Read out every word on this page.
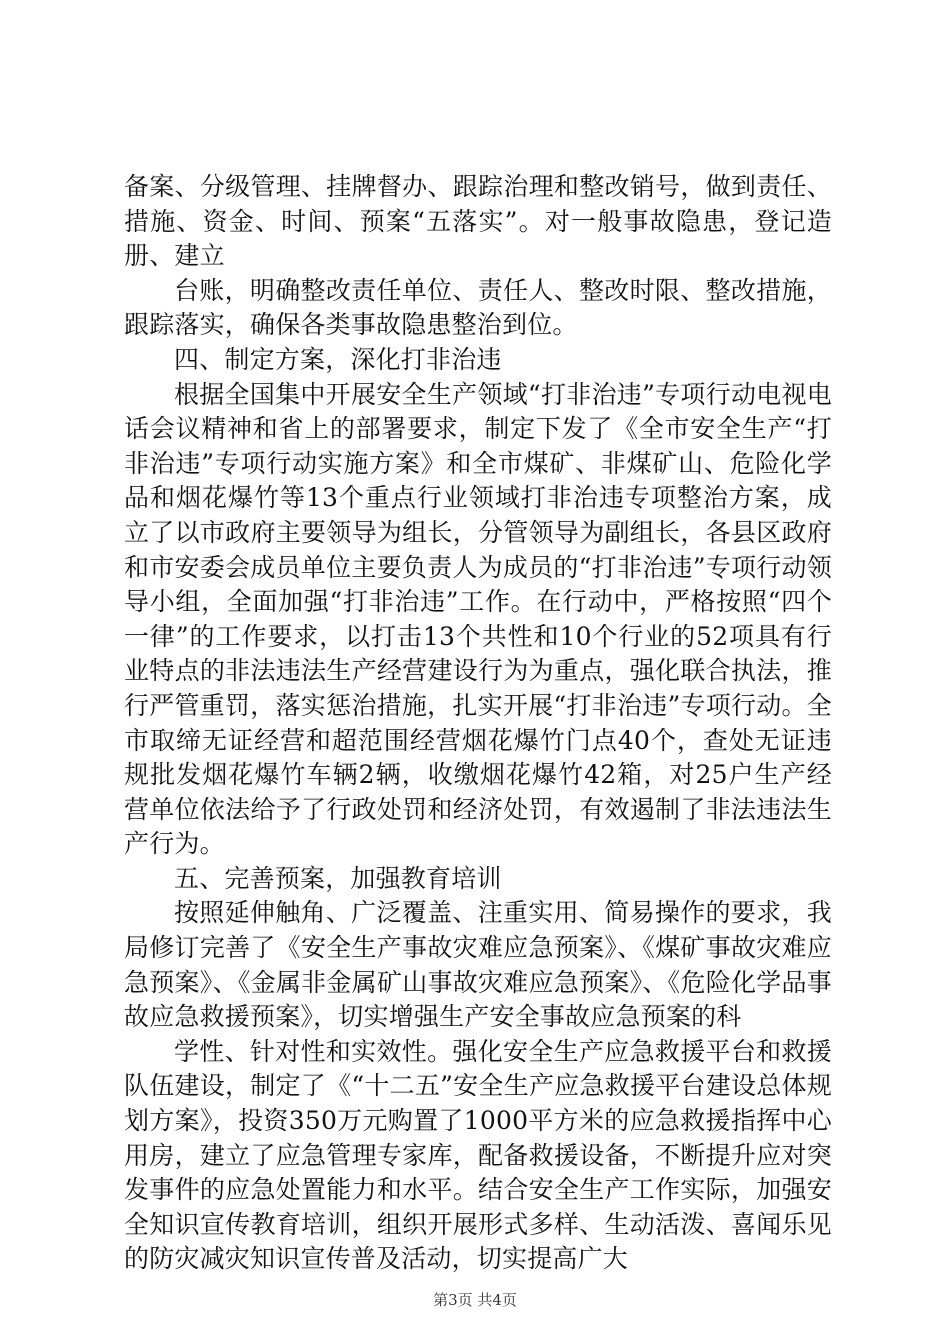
备案、分级管理、挂牌督办、跟踪治理和整改销号，做到责任、措施、资金、时间、预案“五落实”。对一般事故隐患，登记造册、建立

台账，明确整改责任单位、责任人、整改时限、整改措施，跟踪落实，确保各类事故隐患整治到位。

四、制定方案，深化打非治违

根据全国集中开展安全生产领域“打非治违”专项行动电视电话会议精神和省上的部署要求，制定下发了《全市安全生产“打非治违”专项行动实施方案》和全市煤矿、非煤矿山、危险化学品和烟花爆竹等13个重点行业领域打非治违专项整治方案，成立了以市政府主要领导为组长，分管领导为副组长，各县区政府和市安委会成员单位主要负责人为成员的“打非治违”专项行动领导小组，全面加强“打非治违”工作。在行动中，严格按照“四个一律”的工作要求，以打击13个共性和10个行业的52项具有行业特点的非法违法生产经营建设行为为重点，强化联合执法，推行严管重罚，落实惩治措施，扎实开展“打非治违”专项行动。全市取缔无证经营和超范围经营烟花爆竹门点40个，查处无证违规批发烟花爆竹车辆2辆，收缴烟花爆竹42箱，对25户生产经营单位依法给予了行政处罚和经济处罚，有效遏制了非法违法生产行为。

五、完善预案，加强教育培训

按照延伸触角、广泛覆盖、注重实用、简易操作的要求，我局修订完善了《安全生产事故灾难应急预案》、《煤矿事故灾难应急预案》、《金属非金属矿山事故灾难应急预案》、《危险化学品事故应急救援预案》，切实增强生产安全事故应急预案的科

学性、针对性和实效性。强化安全生产应急救援平台和救援队伍建设，制定了《“十二五”安全生产应急救援平台建设总体规划方案》，投资350万元购置了1000平方米的应急救援指挥中心用房，建立了应急管理专家库，配备救援设备，不断提升应对突发事件的应急处置能力和水平。结合安全生产工作实际，加强安全知识宣传教育培训，组织开展形式多样、生动活泼、喜闻乐见的防灾减灾知识宣传普及活动，切实提高广大

第3页 共4页
